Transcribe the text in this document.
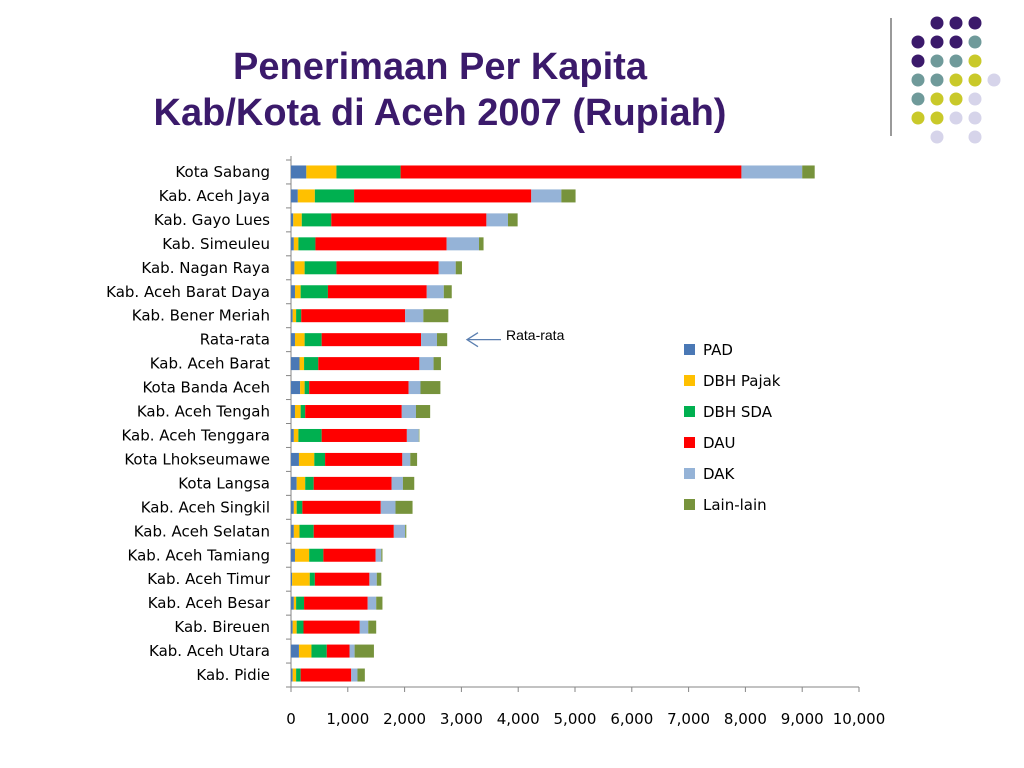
Penerimaan Per Kapita
Kab/Kota di Aceh 2007 (Rupiah)
0 1,000 2,000 3,000 4,000 5,000 6,000 7,000 8,000 9,000 10,000
Kota Sabang
Kab. Aceh Jaya
Kab. Gayo Lues
Kab. Simeuleu
Kab. Nagan Raya
Kab. Aceh Barat Daya
Kab. Bener Meriah
Rata-rata
Kab. Aceh Barat
Kota Banda Aceh
Kab. Aceh Tengah
Kab. Aceh Tenggara
Kota Lhokseumawe
Kota Langsa
Kab. Aceh Singkil
Kab. Aceh Selatan
Kab. Aceh Tamiang
Kab. Aceh Timur
Kab. Aceh Besar
Kab. Bireuen
Kab. Aceh Utara
Kab. Pidie
Rata-rata
PAD
DBH Pajak
DBH SDA
DAU
DAK
Lain-lain
